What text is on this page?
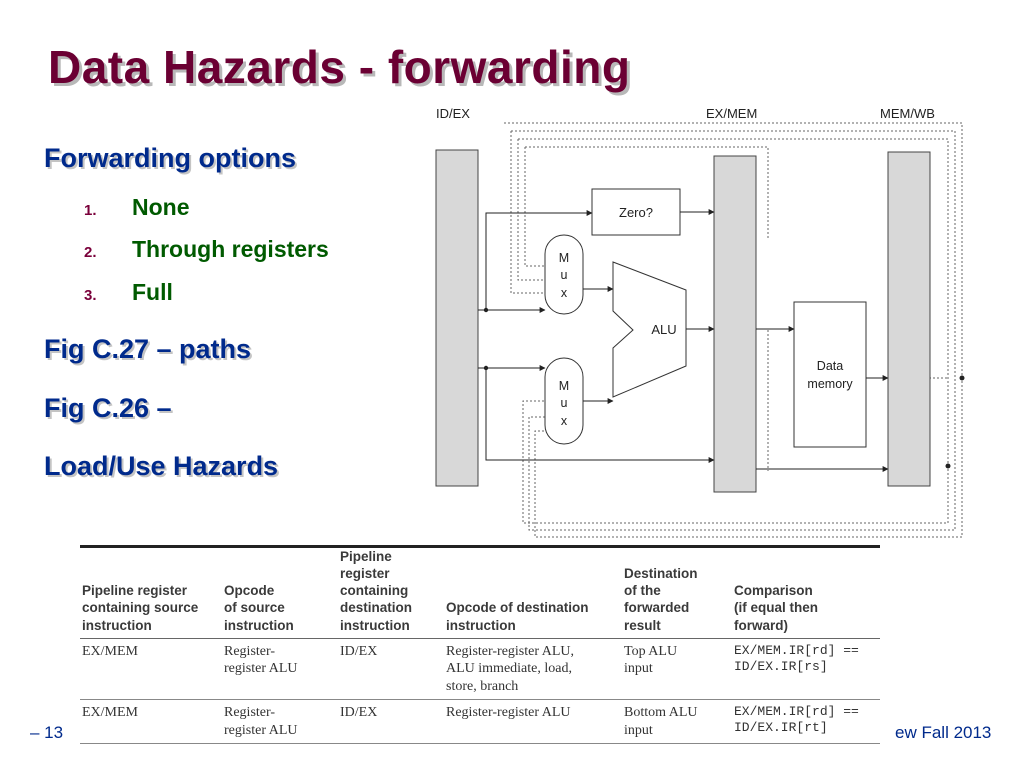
Data Hazards - forwarding
Forwarding options
1. None
2. Through registers
3. Full
Fig C.27 – paths
Fig C.26 –
Load/Use Hazards
ID/EX	EX/MEM	MEM/WB
Zero?
M
u
x
M
u
x
ALU
Data
memory
Pipeline register
containing source
instruction	Opcode
of source
instruction	Pipeline
register
containing
destination
instruction	Opcode of destination
instruction	Destination
of the
forwarded
result	Comparison
(if equal then
forward)
EX/MEM	Register-
register ALU	ID/EX	Register-register ALU,
ALU immediate, load,
store, branch	Top ALU
input	EX/MEM.IR[rd] ==
ID/EX.IR[rs]
EX/MEM	Register-
register ALU	ID/EX	Register-register ALU	Bottom ALU
input	EX/MEM.IR[rd] ==
ID/EX.IR[rt]
– 13	ew Fall 2013
